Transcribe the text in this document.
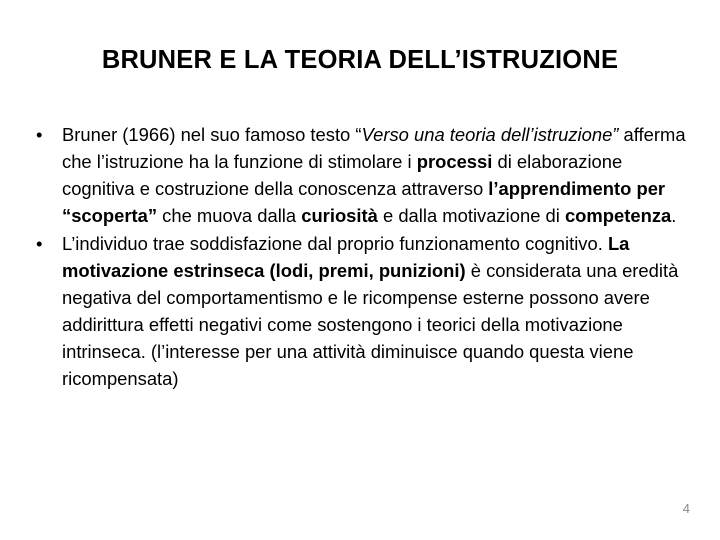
BRUNER E LA TEORIA DELL’ISTRUZIONE
•	Bruner (1966) nel suo famoso testo “Verso una teoria dell’istruzione” afferma che l’istruzione ha la funzione di stimolare i processi di elaborazione cognitiva e costruzione della conoscenza attraverso l’apprendimento per “scoperta” che muova dalla curiosità e dalla motivazione di competenza.
•	L’individuo trae soddisfazione dal proprio funzionamento cognitivo. La motivazione estrinseca (lodi, premi, punizioni) è considerata una eredità negativa del comportamentismo e le ricompense esterne possono avere addirittura effetti negativi come sostengono i teorici della motivazione intrinseca. (l’interesse per una attività diminuisce quando questa viene ricompensata)
4
